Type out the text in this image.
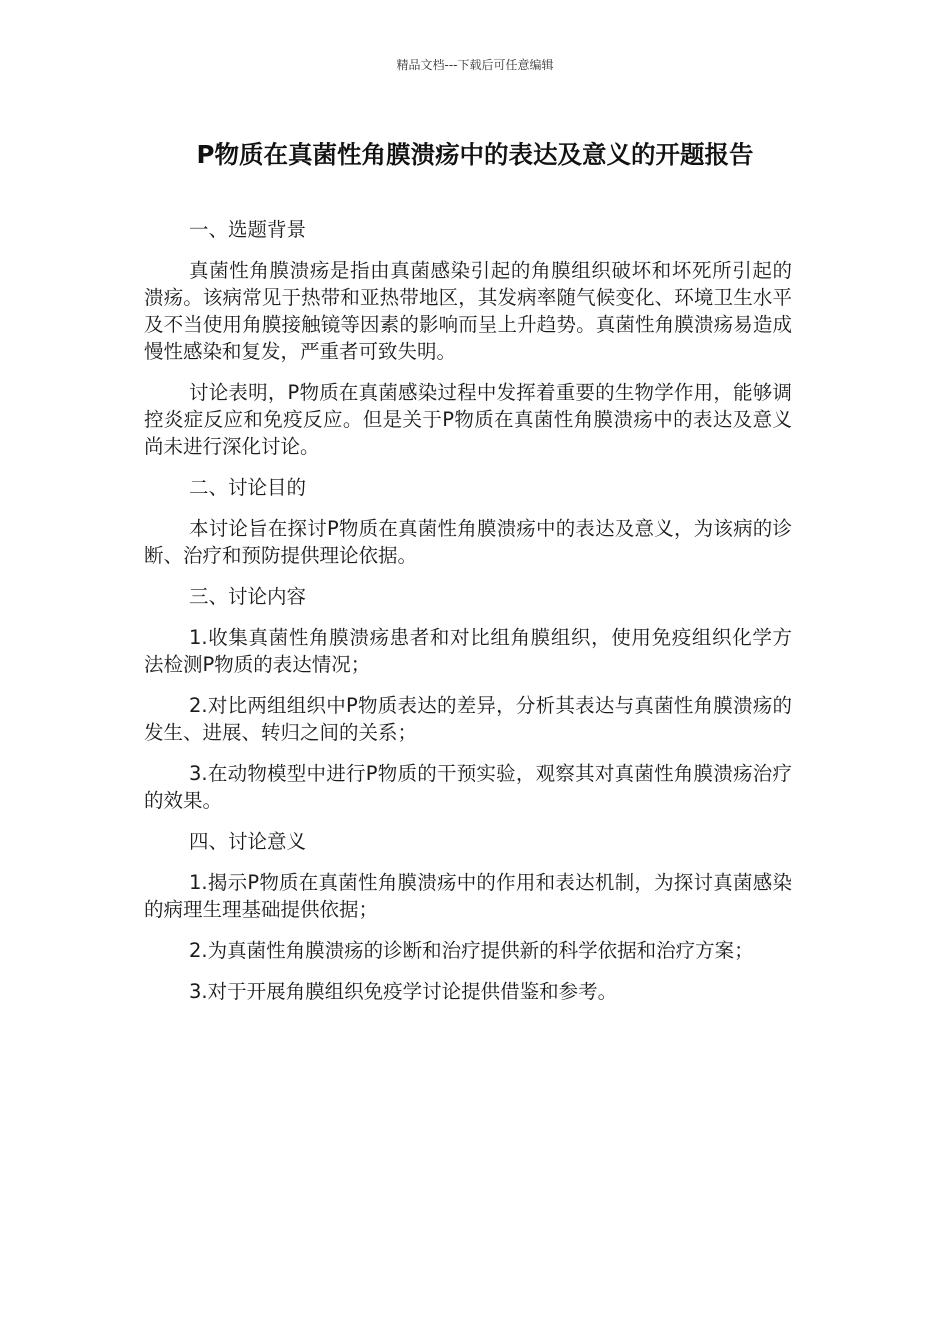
精品文档---下载后可任意编辑
P物质在真菌性角膜溃疡中的表达及意义的开题报告

一、选题背景

真菌性角膜溃疡是指由真菌感染引起的角膜组织破坏和坏死所引起的溃疡。该病常见于热带和亚热带地区，其发病率随气候变化、环境卫生水平及不当使用角膜接触镜等因素的影响而呈上升趋势。真菌性角膜溃疡易造成慢性感染和复发，严重者可致失明。

讨论表明，P物质在真菌感染过程中发挥着重要的生物学作用，能够调控炎症反应和免疫反应。但是关于P物质在真菌性角膜溃疡中的表达及意义尚未进行深化讨论。

二、讨论目的

本讨论旨在探讨P物质在真菌性角膜溃疡中的表达及意义，为该病的诊断、治疗和预防提供理论依据。

三、讨论内容

1.收集真菌性角膜溃疡患者和对比组角膜组织，使用免疫组织化学方法检测P物质的表达情况；

2.对比两组组织中P物质表达的差异，分析其表达与真菌性角膜溃疡的发生、进展、转归之间的关系；

3.在动物模型中进行P物质的干预实验，观察其对真菌性角膜溃疡治疗的效果。

四、讨论意义

1.揭示P物质在真菌性角膜溃疡中的作用和表达机制，为探讨真菌感染的病理生理基础提供依据；

2.为真菌性角膜溃疡的诊断和治疗提供新的科学依据和治疗方案；

3.对于开展角膜组织免疫学讨论提供借鉴和参考。
